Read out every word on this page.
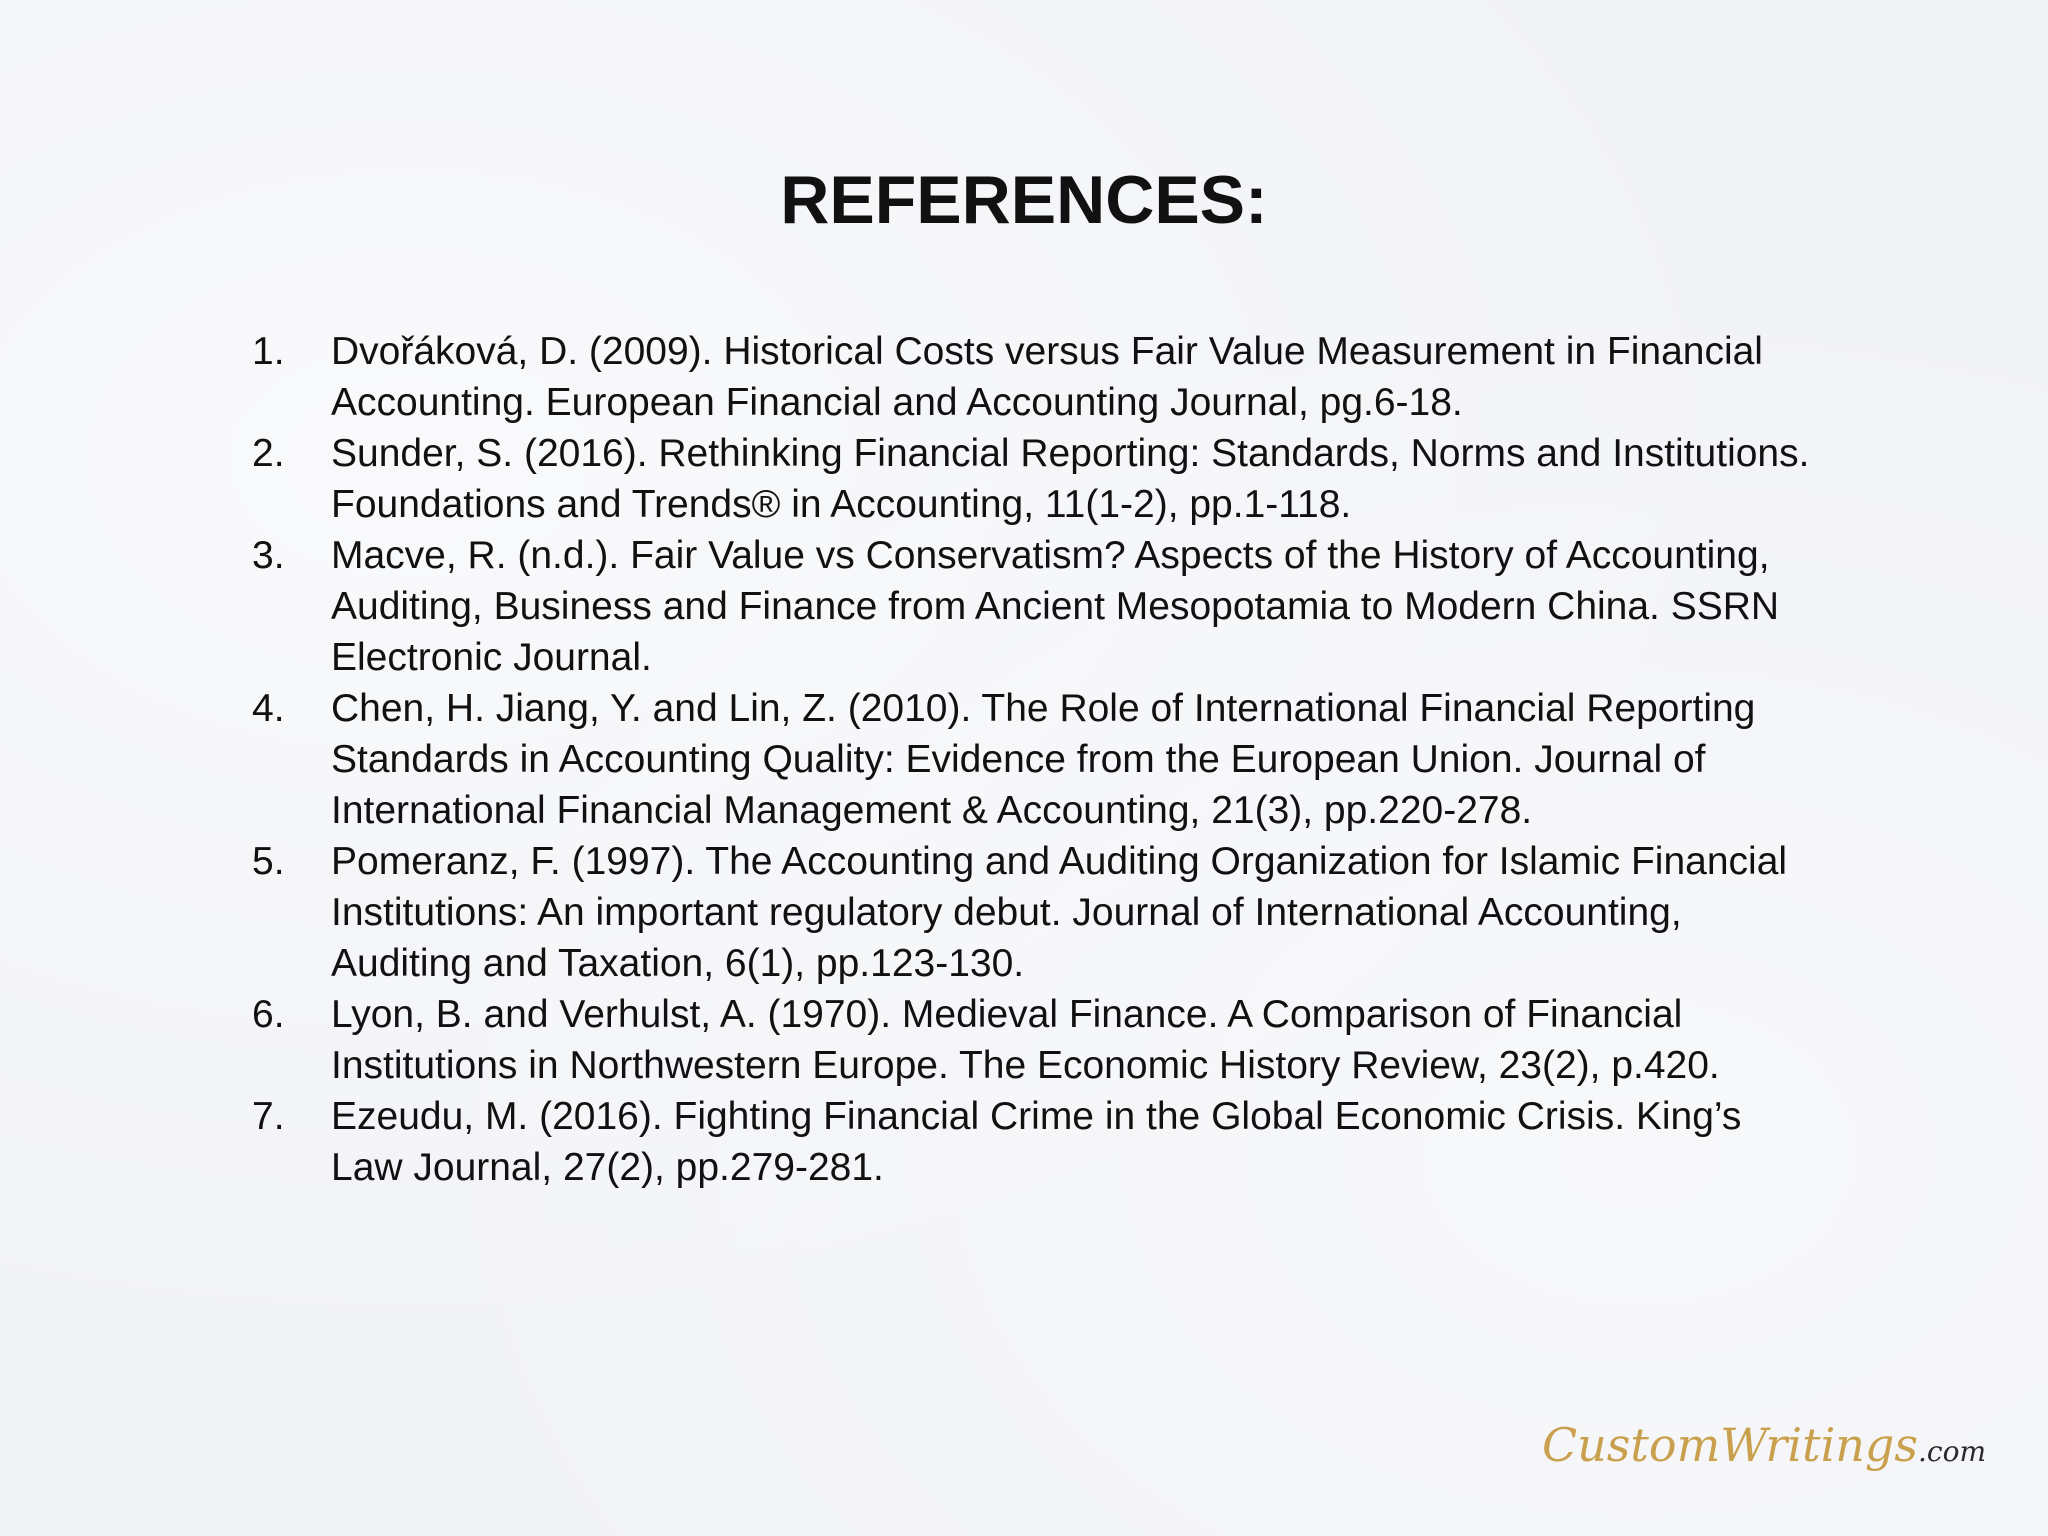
REFERENCES:
1.	Dvořáková, D. (2009). Historical Costs versus Fair Value Measurement in Financial Accounting. European Financial and Accounting Journal, pg.6-18.
2.	Sunder, S. (2016). Rethinking Financial Reporting: Standards, Norms and Institutions. Foundations and Trends® in Accounting, 11(1-2), pp.1-118.
3.	Macve, R. (n.d.). Fair Value vs Conservatism? Aspects of the History of Accounting, Auditing, Business and Finance from Ancient Mesopotamia to Modern China. SSRN Electronic Journal.
4.	Chen, H. Jiang, Y. and Lin, Z. (2010). The Role of International Financial Reporting Standards in Accounting Quality: Evidence from the European Union. Journal of International Financial Management & Accounting, 21(3), pp.220-278.
5.	Pomeranz, F. (1997). The Accounting and Auditing Organization for Islamic Financial Institutions: An important regulatory debut. Journal of International Accounting, Auditing and Taxation, 6(1), pp.123-130.
6.	Lyon, B. and Verhulst, A. (1970). Medieval Finance. A Comparison of Financial Institutions in Northwestern Europe. The Economic History Review, 23(2), p.420.
7.	Ezeudu, M. (2016). Fighting Financial Crime in the Global Economic Crisis. King’s Law Journal, 27(2), pp.279-281.
CustomWritings.com
